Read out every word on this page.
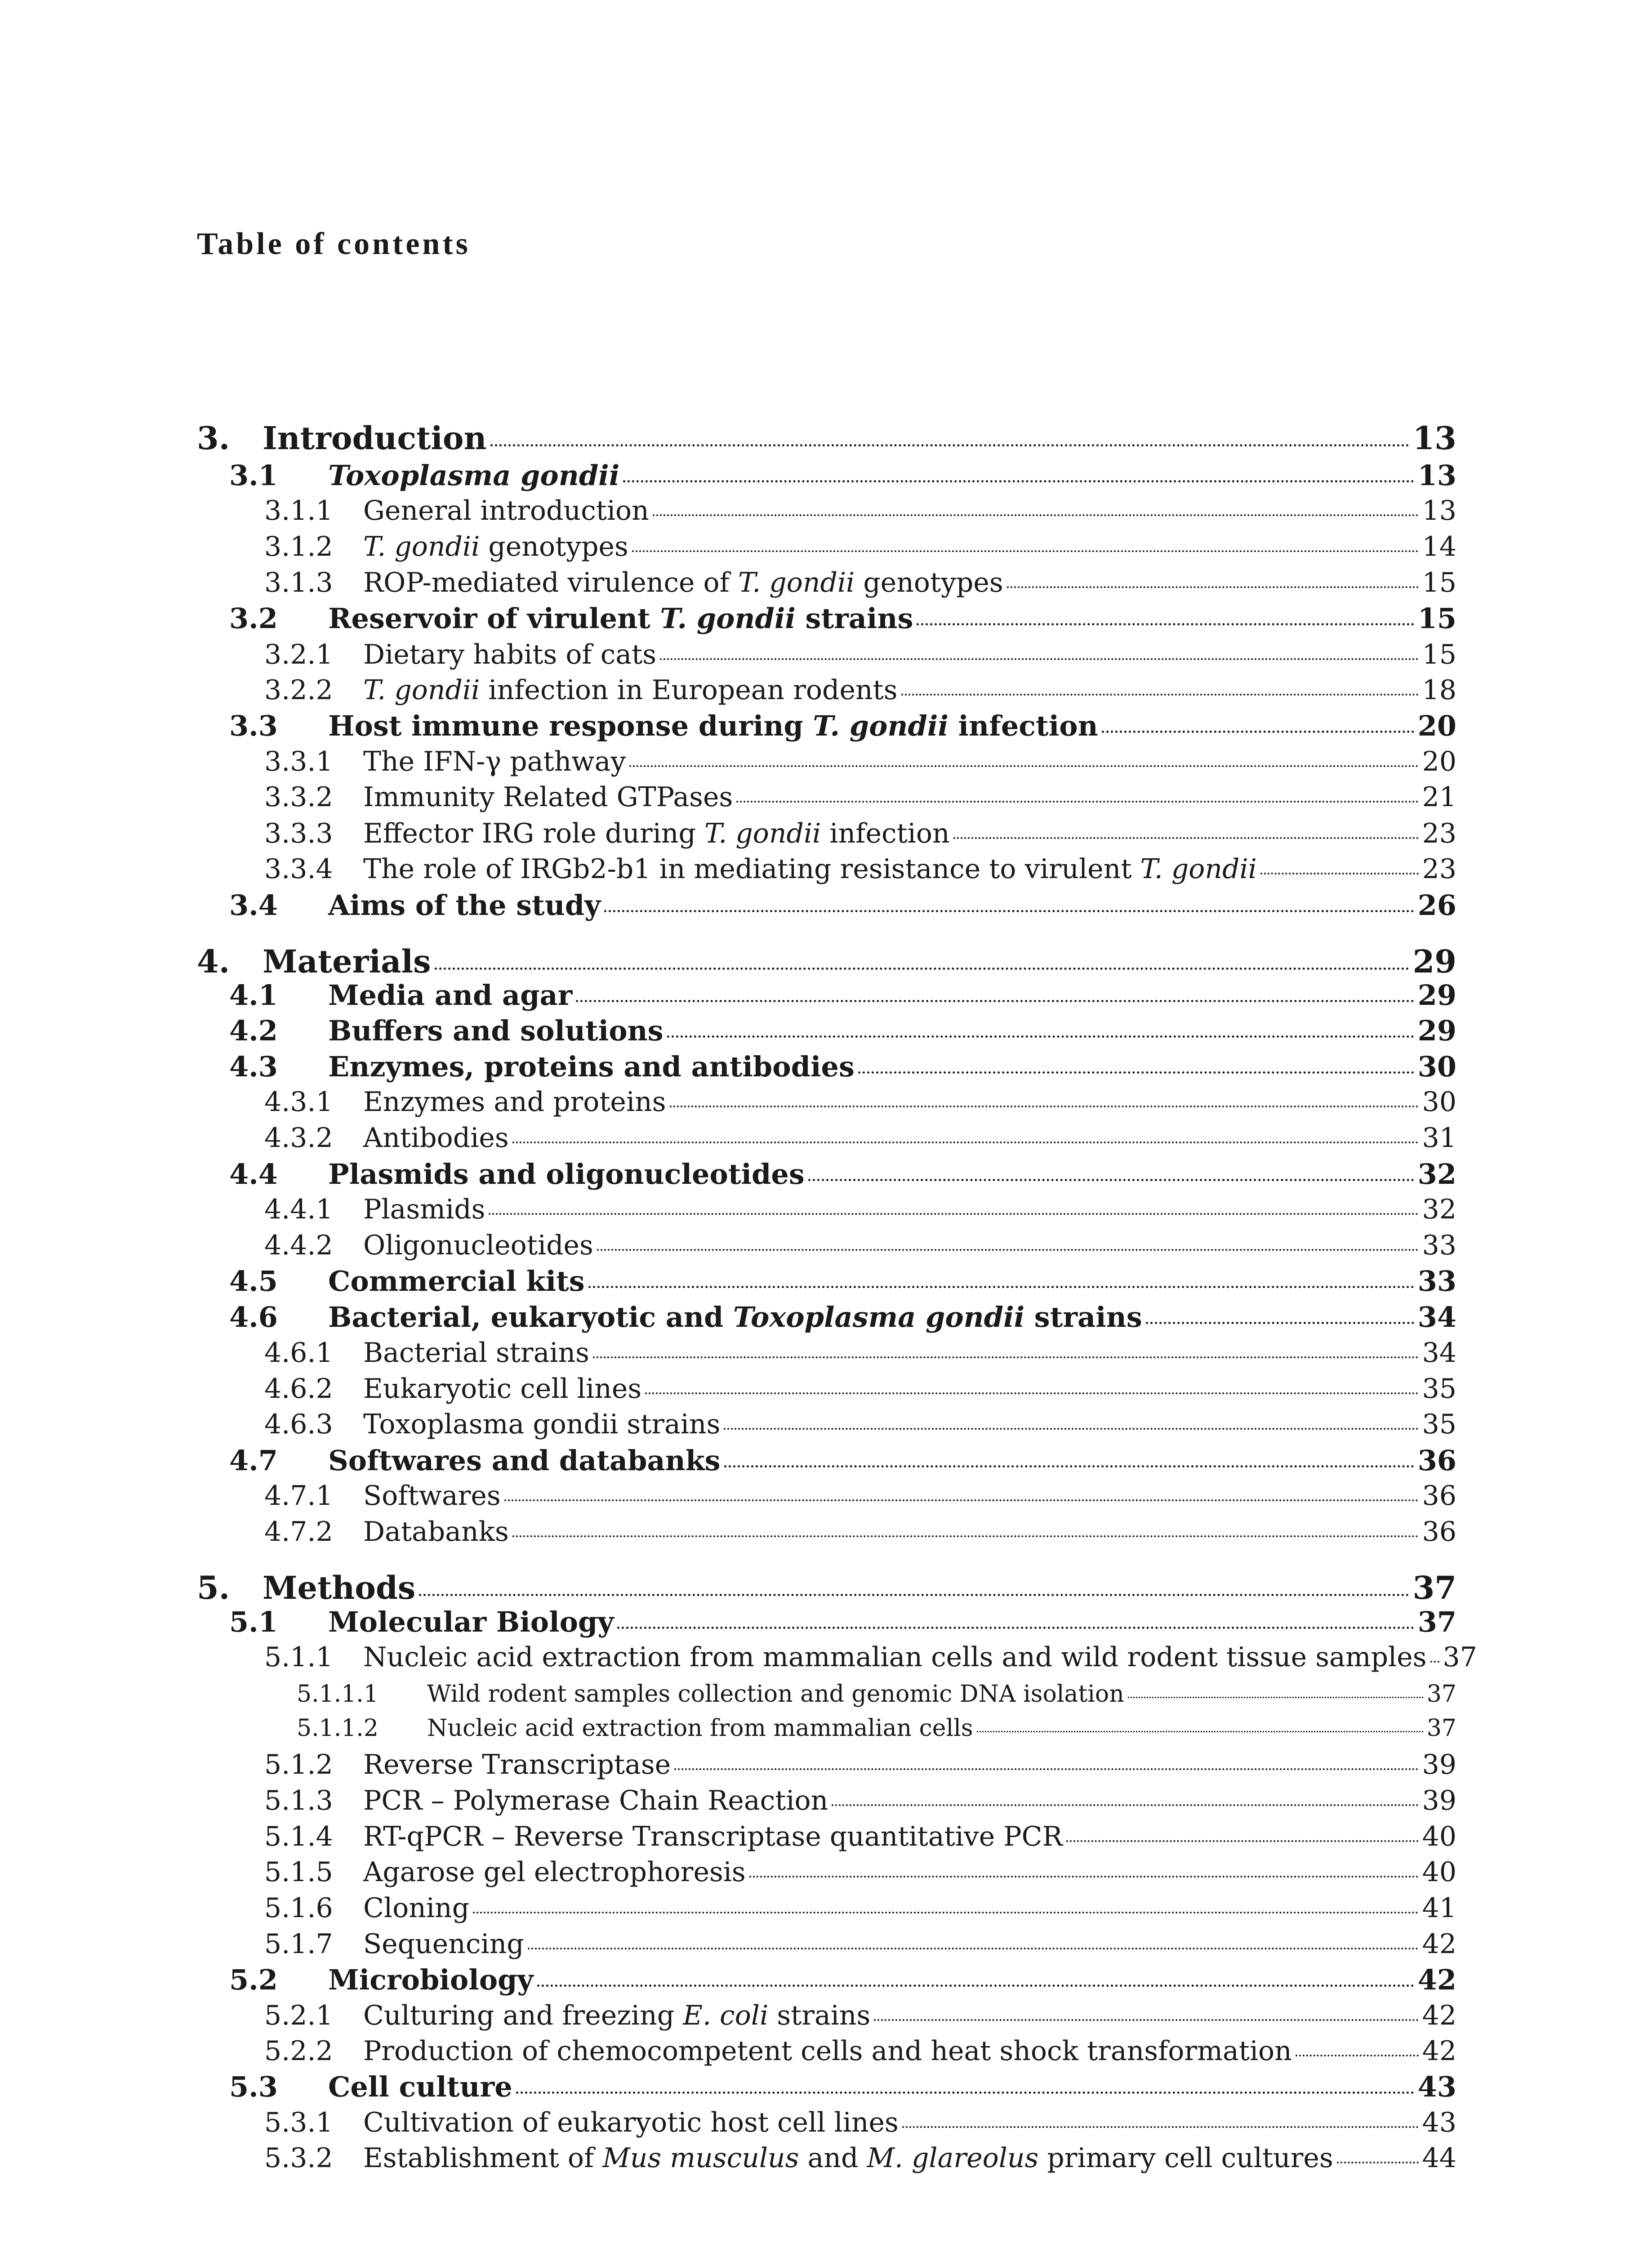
Table of contents
3.	Introduction	13
3.1	Toxoplasma gondii	13
3.1.1	General introduction	13
3.1.2	T. gondii genotypes	14
3.1.3	ROP-mediated virulence of T. gondii genotypes	15
3.2	Reservoir of virulent T. gondii strains	15
3.2.1	Dietary habits of cats	15
3.2.2	T. gondii infection in European rodents	18
3.3	Host immune response during T. gondii infection	20
3.3.1	The IFN-γ pathway	20
3.3.2	Immunity Related GTPases	21
3.3.3	Effector IRG role during T. gondii infection	23
3.3.4	The role of IRGb2-b1 in mediating resistance to virulent T. gondii	23
3.4	Aims of the study	26
4.	Materials	29
4.1	Media and agar	29
4.2	Buffers and solutions	29
4.3	Enzymes, proteins and antibodies	30
4.3.1	Enzymes and proteins	30
4.3.2	Antibodies	31
4.4	Plasmids and oligonucleotides	32
4.4.1	Plasmids	32
4.4.2	Oligonucleotides	33
4.5	Commercial kits	33
4.6	Bacterial, eukaryotic and Toxoplasma gondii strains	34
4.6.1	Bacterial strains	34
4.6.2	Eukaryotic cell lines	35
4.6.3	Toxoplasma gondii strains	35
4.7	Softwares and databanks	36
4.7.1	Softwares	36
4.7.2	Databanks	36
5.	Methods	37
5.1	Molecular Biology	37
5.1.1	Nucleic acid extraction from mammalian cells and wild rodent tissue samples 37
5.1.1.1	Wild rodent samples collection and genomic DNA isolation	37
5.1.1.2	Nucleic acid extraction from mammalian cells	37
5.1.2	Reverse Transcriptase	39
5.1.3	PCR – Polymerase Chain Reaction	39
5.1.4	RT-qPCR – Reverse Transcriptase quantitative PCR	40
5.1.5	Agarose gel electrophoresis	40
5.1.6	Cloning	41
5.1.7	Sequencing	42
5.2	Microbiology	42
5.2.1	Culturing and freezing E. coli strains	42
5.2.2	Production of chemocompetent cells and heat shock transformation	42
5.3	Cell culture	43
5.3.1	Cultivation of eukaryotic host cell lines	43
5.3.2	Establishment of Mus musculus and M. glareolus primary cell cultures	44
